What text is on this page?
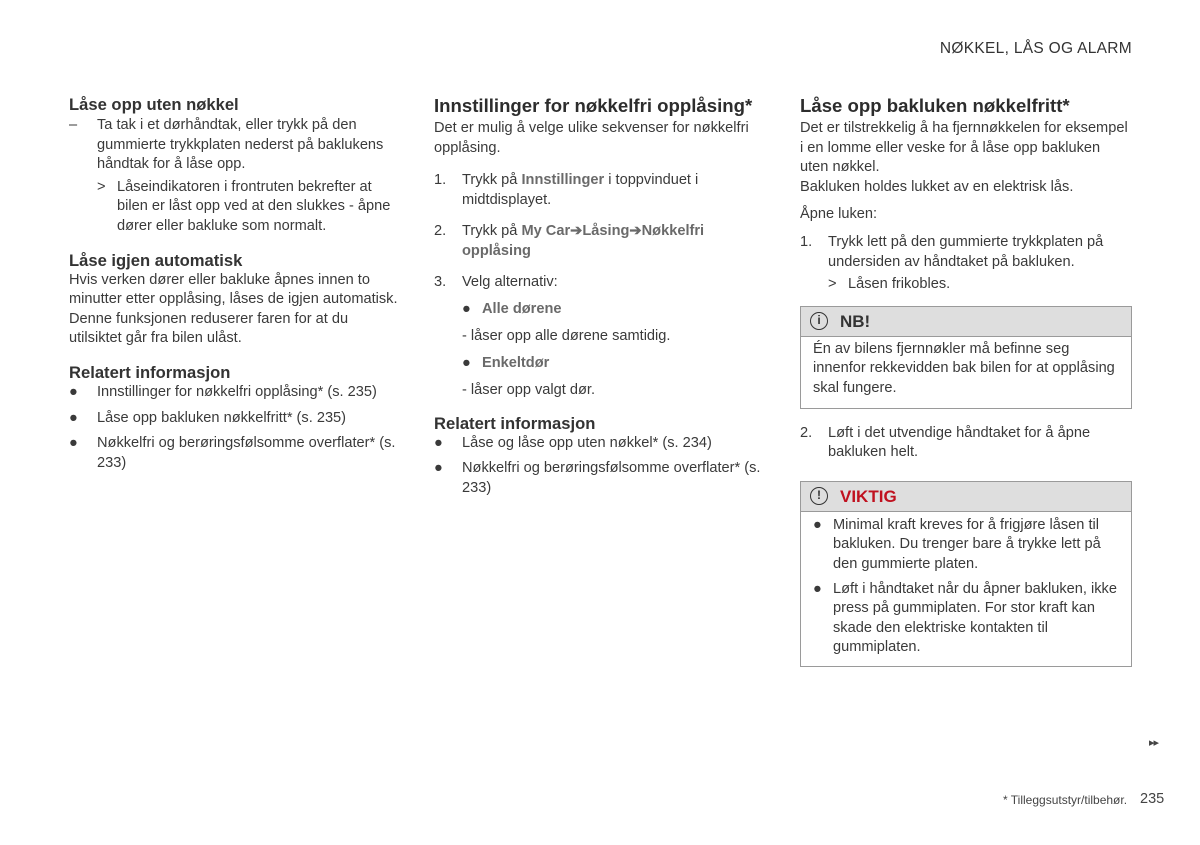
NØKKEL, LÅS OG ALARM
Låse opp uten nøkkel
–	Ta tak i et dørhåndtak, eller trykk på den gummierte trykkplaten nederst på baklukens håndtak for å låse opp.

> Låseindikatoren i frontruten bekrefter at bilen er låst opp ved at den slukkes - åpne dører eller bakluke som normalt.

Låse igjen automatisk

Hvis verken dører eller bakluke åpnes innen to minutter etter opplåsing, låses de igjen automatisk. Denne funksjonen reduserer faren for at du utilsiktet går fra bilen ulåst.

Relatert informasjon
●	Innstillinger for nøkkelfri opplåsing* (s. 235)

●	Låse opp bakluken nøkkelfritt* (s. 235)

●	Nøkkelfri og berøringsfølsomme overflater* (s. 233)

Innstillinger for nøkkelfri opplåsing*

Det er mulig å velge ulike sekvenser for nøkkelfri opplåsing.

1.	Trykk på Innstillinger i toppvinduet i midtdisplayet.

2.	Trykk på My Car➔Låsing➔Nøkkelfri opplåsing

3.	Velg alternativ:

● Alle dørene

- låser opp alle dørene samtidig.

● Enkeltdør

- låser opp valgt dør.

Relatert informasjon
●	Låse og låse opp uten nøkkel* (s. 234)

●	Nøkkelfri og berøringsfølsomme overflater* (s. 233)

Låse opp bakluken nøkkelfritt*

Det er tilstrekkelig å ha fjernnøkkelen for eksempel i en lomme eller veske for å låse opp bakluken uten nøkkel.

Bakluken holdes lukket av en elektrisk lås.

Åpne luken:

1.	Trykk lett på den gummierte trykkplaten på undersiden av håndtaket på bakluken.

> Låsen frikobles.

i	NB!

Én av bilens fjernnøkler må befinne seg innenfor rekkevidden bak bilen for at opplåsing skal fungere.

2.	Løft i det utvendige håndtaket for å åpne bakluken helt.

!	VIKTIG
● Minimal kraft kreves for å frigjøre låsen til bakluken. Du trenger bare å trykke lett på den gummierte platen.

● Løft i håndtaket når du åpner bakluken, ikke press på gummiplaten. For stor kraft kan skade den elektriske kontakten til gummiplaten.

▸▸
* Tilleggsutstyr/tilbehør. 235
